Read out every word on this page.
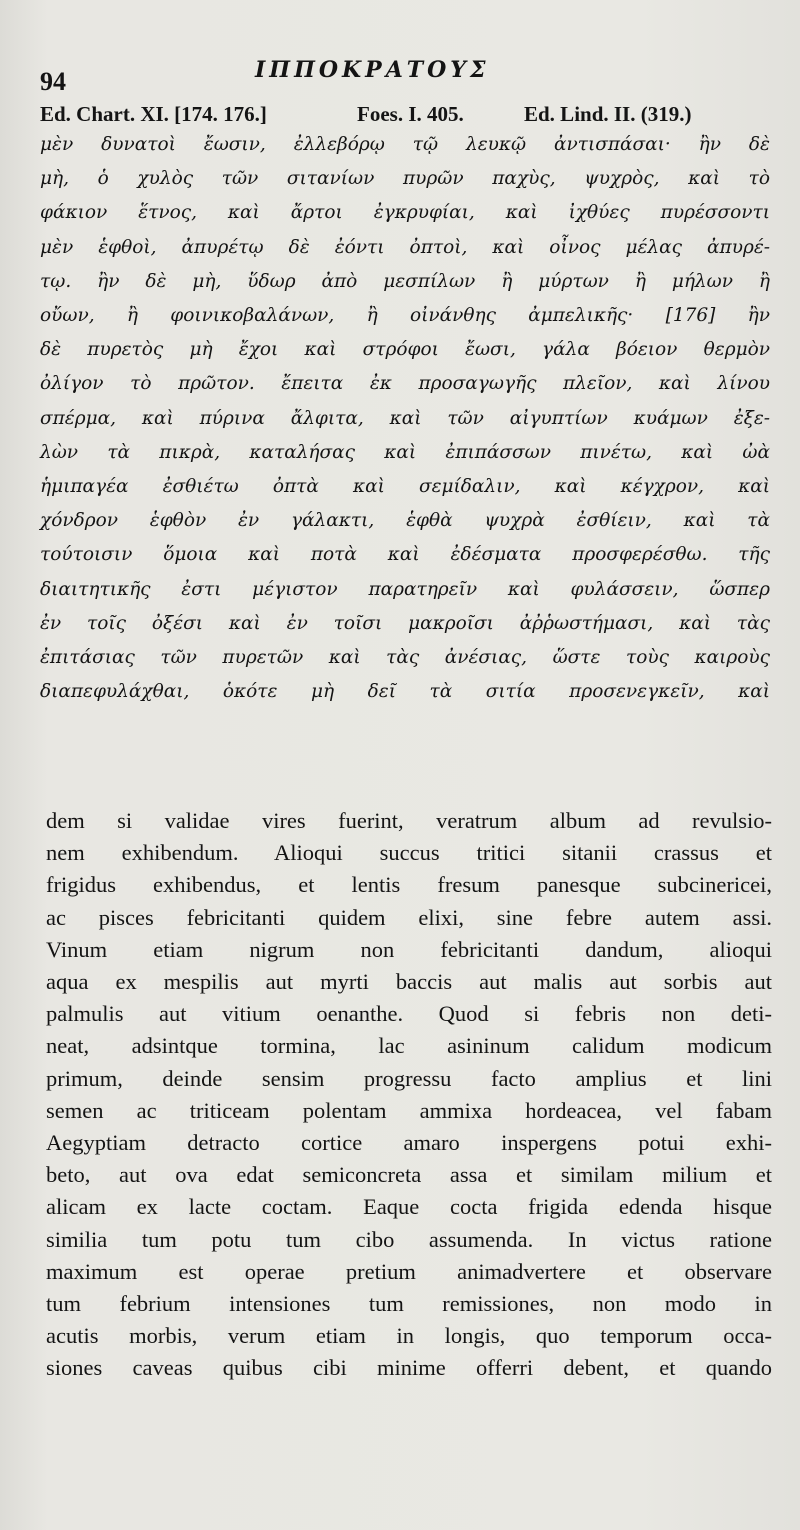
94	ΙΠΠΟΚΡΑΤΟΥΣ
Ed. Chart. XI. [174. 176.]	Foes. I. 405.	Ed. Lind. II. (319.)
μὲν δυνατοὶ ἔωσιν, ἐλλεβόρῳ τῷ λευκῷ ἀντισπάσαι· ἢν δὲ
μὴ, ὁ χυλὸς τῶν σιτανίων πυρῶν παχὺς, ψυχρὸς, καὶ τὸ
φάκιον ἕτνος, καὶ ἄρτοι ἐγκρυφίαι, καὶ ἰχθύες πυρέσσοντι
μὲν ἑφθοὶ, ἀπυρέτῳ δὲ ἐόντι ὀπτοὶ, καὶ οἶνος μέλας ἀπυρέ-
τῳ. ἢν δὲ μὴ, ὕδωρ ἀπὸ μεσπίλων ἢ μύρτων ἢ μήλων ἢ
οὔων, ἢ φοινικοβαλάνων, ἢ οἰνάνθης ἀμπελικῆς· [176] ἢν
δὲ πυρετὸς μὴ ἔχοι καὶ στρόφοι ἔωσι, γάλα βόειον θερμὸν
ὀλίγον τὸ πρῶτον. ἔπειτα ἐκ προσαγωγῆς πλεῖον, καὶ λίνου
σπέρμα, καὶ πύρινα ἄλφιτα, καὶ τῶν αἰγυπτίων κυάμων ἐξε-
λὼν τὰ πικρὰ, καταλήσας καὶ ἐπιπάσσων πινέτω, καὶ ὠὰ
ἡμιπαγέα ἐσθιέτω ὀπτὰ καὶ σεμίδαλιν, καὶ κέγχρον, καὶ
χόνδρον ἑφθὸν ἐν γάλακτι, ἑφθὰ ψυχρὰ ἐσθίειν, καὶ τὰ
τούτοισιν ὅμοια καὶ ποτὰ καὶ ἐδέσματα προσφερέσθω. τῆς
διαιτητικῆς ἐστι μέγιστον παρατηρεῖν καὶ φυλάσσειν, ὥσπερ
ἐν τοῖς ὀξέσι καὶ ἐν τοῖσι μακροῖσι ἀῤῥωστήμασι, καὶ τὰς
ἐπιτάσιας τῶν πυρετῶν καὶ τὰς ἀνέσιας, ὥστε τοὺς καιροὺς
διαπεφυλάχθαι, ὁκότε μὴ δεῖ τὰ σιτία προσενεγκεῖν, καὶ
dem si validae vires fuerint, veratrum album ad revulsio-
nem exhibendum. Alioqui succus tritici sitanii crassus et
frigidus exhibendus, et lentis fresum panesque subcinericei,
ac pisces febricitanti quidem elixi, sine febre autem assi.
Vinum etiam nigrum non febricitanti dandum, alioqui
aqua ex mespilis aut myrti baccis aut malis aut sorbis aut
palmulis aut vitium oenanthe. Quod si febris non deti-
neat, adsintque tormina, lac asininum calidum modicum
primum, deinde sensim progressu facto amplius et lini
semen ac triticeam polentam ammixa hordeacea, vel fabam
Aegyptiam detracto cortice amaro inspergens potui exhi-
beto, aut ova edat semiconcreta assa et similam milium et
alicam ex lacte coctam. Eaque cocta frigida edenda hisque
similia tum potu tum cibo assumenda. In victus ratione
maximum est operae pretium animadvertere et observare
tum febrium intensiones tum remissiones, non modo in
acutis morbis, verum etiam in longis, quo temporum occa-
siones caveas quibus cibi minime offerri debent, et quando
